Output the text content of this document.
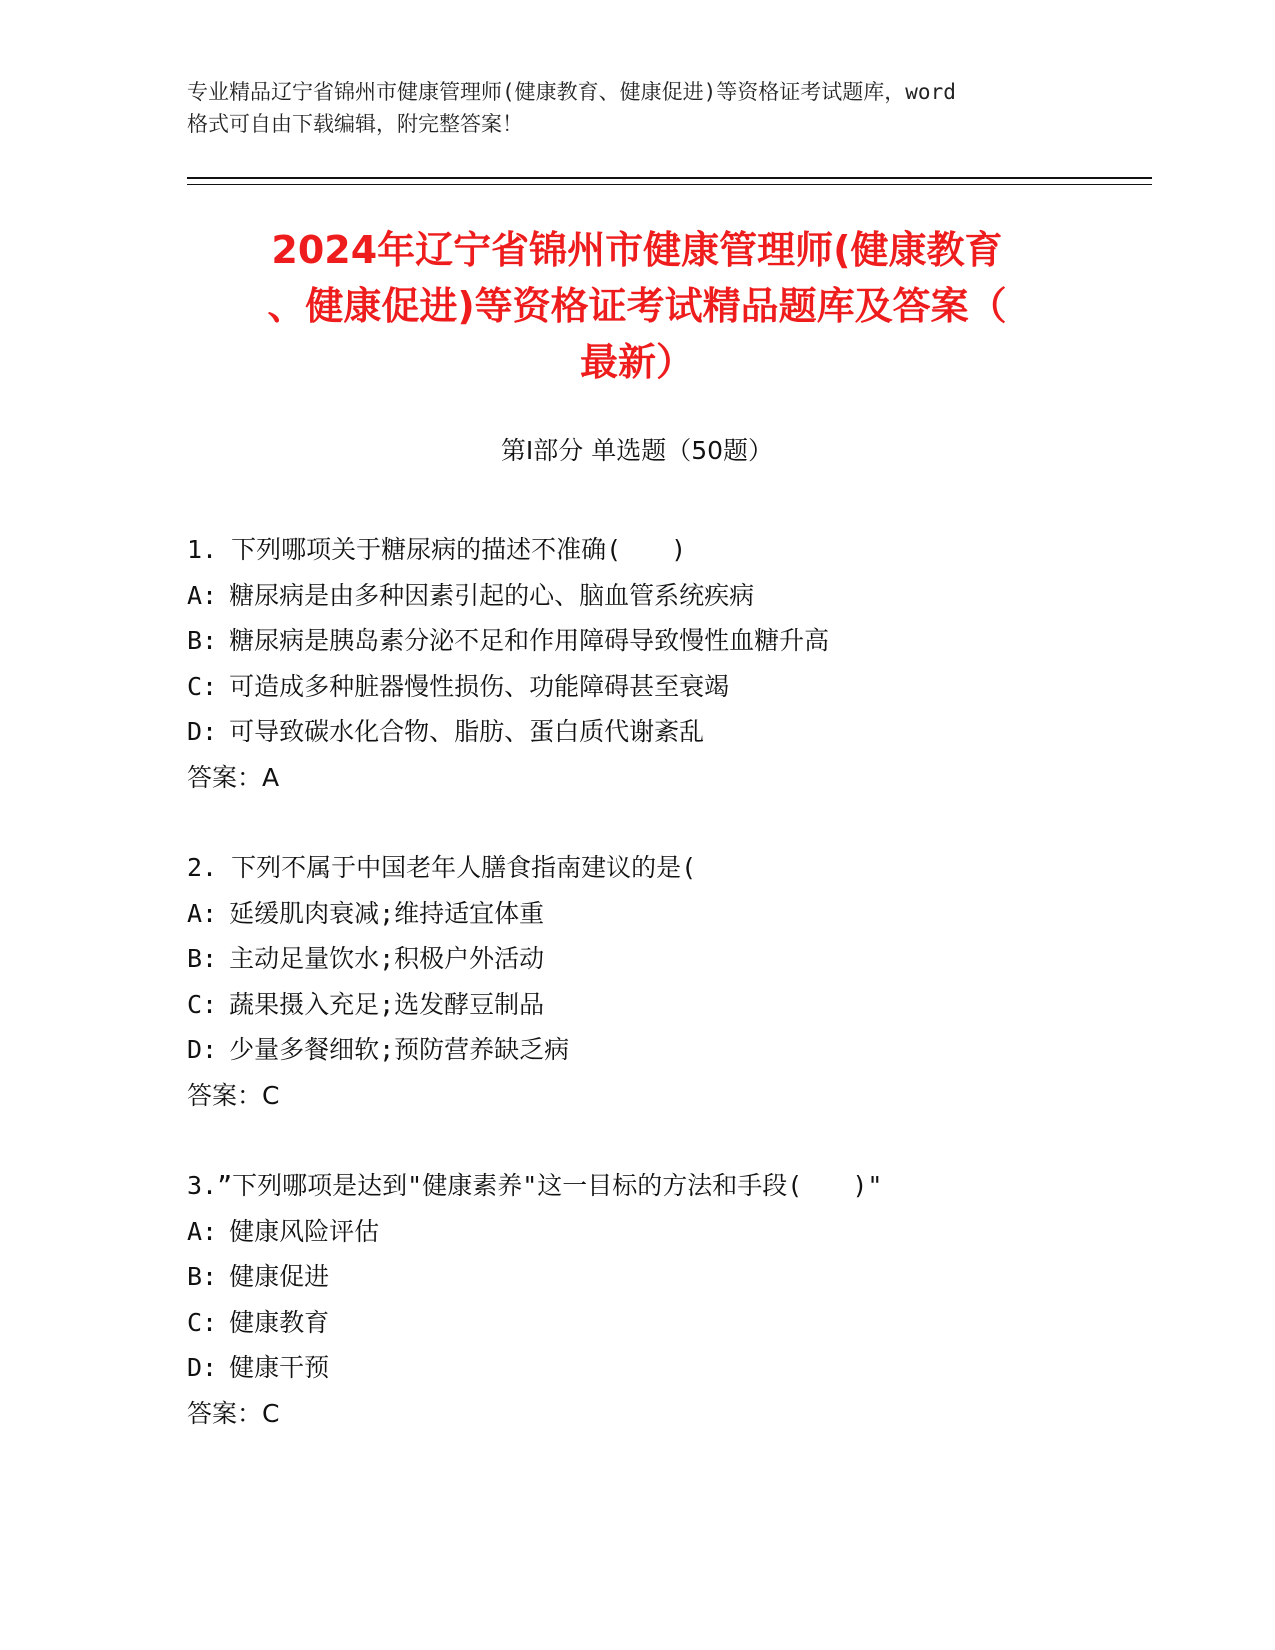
专业精品辽宁省锦州市健康管理师(健康教育、健康促进)等资格证考试题库，word
格式可自由下载编辑，附完整答案！
2024年辽宁省锦州市健康管理师(健康教育
、健康促进)等资格证考试精品题库及答案（
最新）
第Ⅰ部分 单选题（50题）
1. 下列哪项关于糖尿病的描述不准确(　　)
A: 糖尿病是由多种因素引起的心、脑血管系统疾病
B: 糖尿病是胰岛素分泌不足和作用障碍导致慢性血糖升高
C: 可造成多种脏器慢性损伤、功能障碍甚至衰竭
D: 可导致碳水化合物、脂肪、蛋白质代谢紊乱
答案：A
2. 下列不属于中国老年人膳食指南建议的是(
A: 延缓肌肉衰减;维持适宜体重
B: 主动足量饮水;积极户外活动
C: 蔬果摄入充足;选发酵豆制品
D: 少量多餐细软;预防营养缺乏病
答案：C
3.”下列哪项是达到"健康素养"这一目标的方法和手段(　　)"
A: 健康风险评估
B: 健康促进
C: 健康教育
D: 健康干预
答案：C
